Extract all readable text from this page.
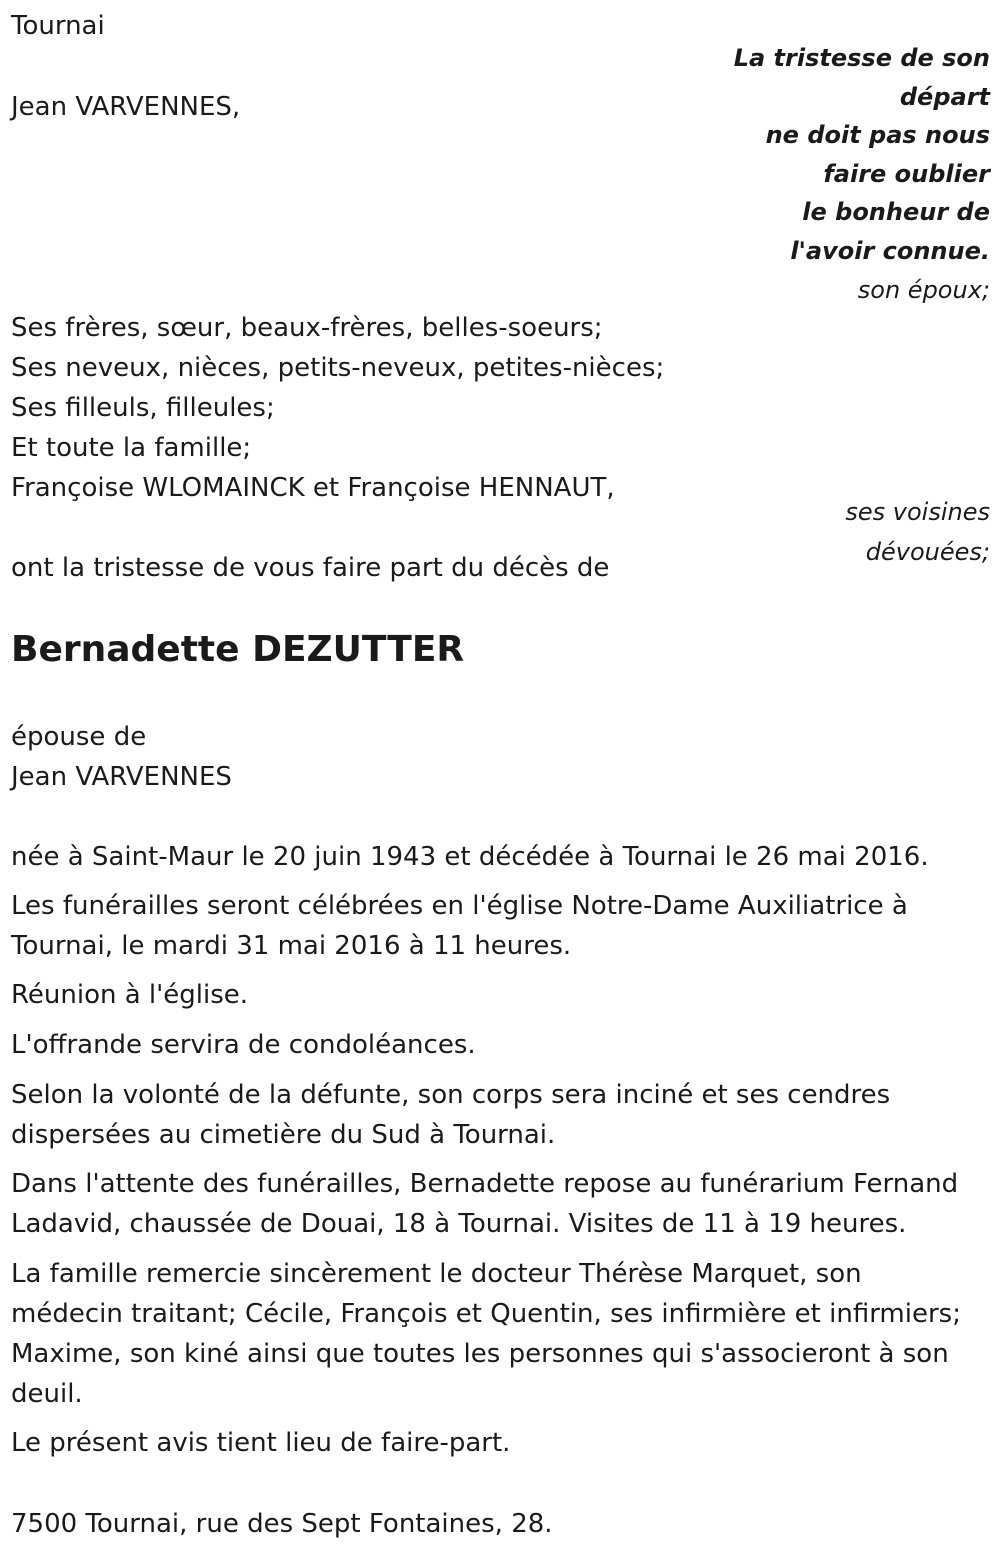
Tournai
Jean VARVENNES,
La tristesse de son
départ
ne doit pas nous
faire oublier
le bonheur de
l'avoir connue.
son époux;
Ses frères, sœur, beaux-frères, belles-soeurs;
Ses neveux, nièces, petits-neveux, petites-nièces;
Ses filleuls, filleules;
Et toute la famille;
Françoise WLOMAINCK et Françoise HENNAUT,
ses voisines
dévouées;
ont la tristesse de vous faire part du décès de
Bernadette DEZUTTER
épouse de
Jean VARVENNES
née à Saint-Maur le 20 juin 1943 et décédée à Tournai le 26 mai 2016.
Les funérailles seront célébrées en l'église Notre-Dame Auxiliatrice à
Tournai, le mardi 31 mai 2016 à 11 heures.
Réunion à l'église.
L'offrande servira de condoléances.
Selon la volonté de la défunte, son corps sera inciné et ses cendres
dispersées au cimetière du Sud à Tournai.
Dans l'attente des funérailles, Bernadette repose au funérarium Fernand
Ladavid, chaussée de Douai, 18 à Tournai. Visites de 11 à 19 heures.
La famille remercie sincèrement le docteur Thérèse Marquet, son
médecin traitant; Cécile, François et Quentin, ses infirmière et infirmiers;
Maxime, son kiné ainsi que toutes les personnes qui s'associeront à son
deuil.
Le présent avis tient lieu de faire-part.
7500 Tournai, rue des Sept Fontaines, 28.
